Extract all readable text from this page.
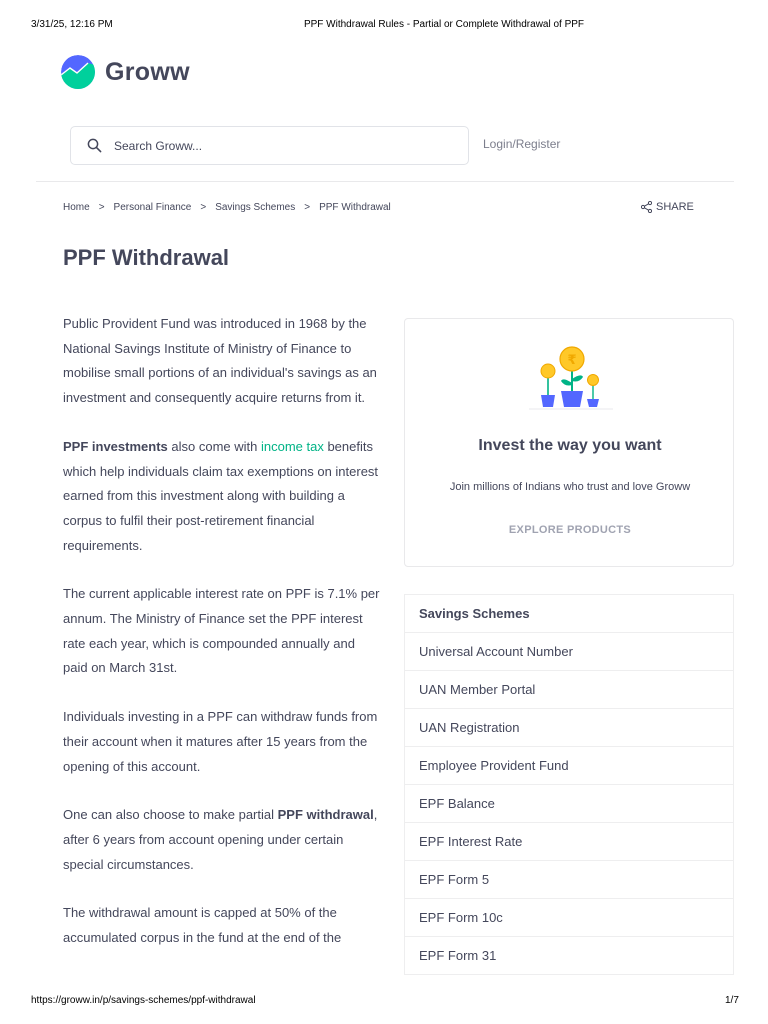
3/31/25, 12:16 PM	PPF Withdrawal Rules - Partial or Complete Withdrawal of PPF
Groww
Search Groww...
Login/Register
Home > Personal Finance > Savings Schemes > PPF Withdrawal	SHARE
PPF Withdrawal

Public Provident Fund was introduced in 1968 by the National Savings Institute of Ministry of Finance to mobilise small portions of an individual's savings as an investment and consequently acquire returns from it.

PPF investments also come with income tax benefits which help individuals claim tax exemptions on interest earned from this investment along with building a corpus to fulfil their post-retirement financial requirements.

The current applicable interest rate on PPF is 7.1% per annum. The Ministry of Finance set the PPF interest rate each year, which is compounded annually and paid on March 31st.

Individuals investing in a PPF can withdraw funds from their account when it matures after 15 years from the opening of this account.

One can also choose to make partial PPF withdrawal, after 6 years from account opening under certain special circumstances.

The withdrawal amount is capped at 50% of the accumulated corpus in the fund at the end of the

₹
Invest the way you want
Join millions of Indians who trust and love Groww
EXPLORE PRODUCTS
Savings Schemes
Universal Account Number
UAN Member Portal
UAN Registration
Employee Provident Fund
EPF Balance
EPF Interest Rate
EPF Form 5
EPF Form 10c
EPF Form 31
https://groww.in/p/savings-schemes/ppf-withdrawal	1/7
